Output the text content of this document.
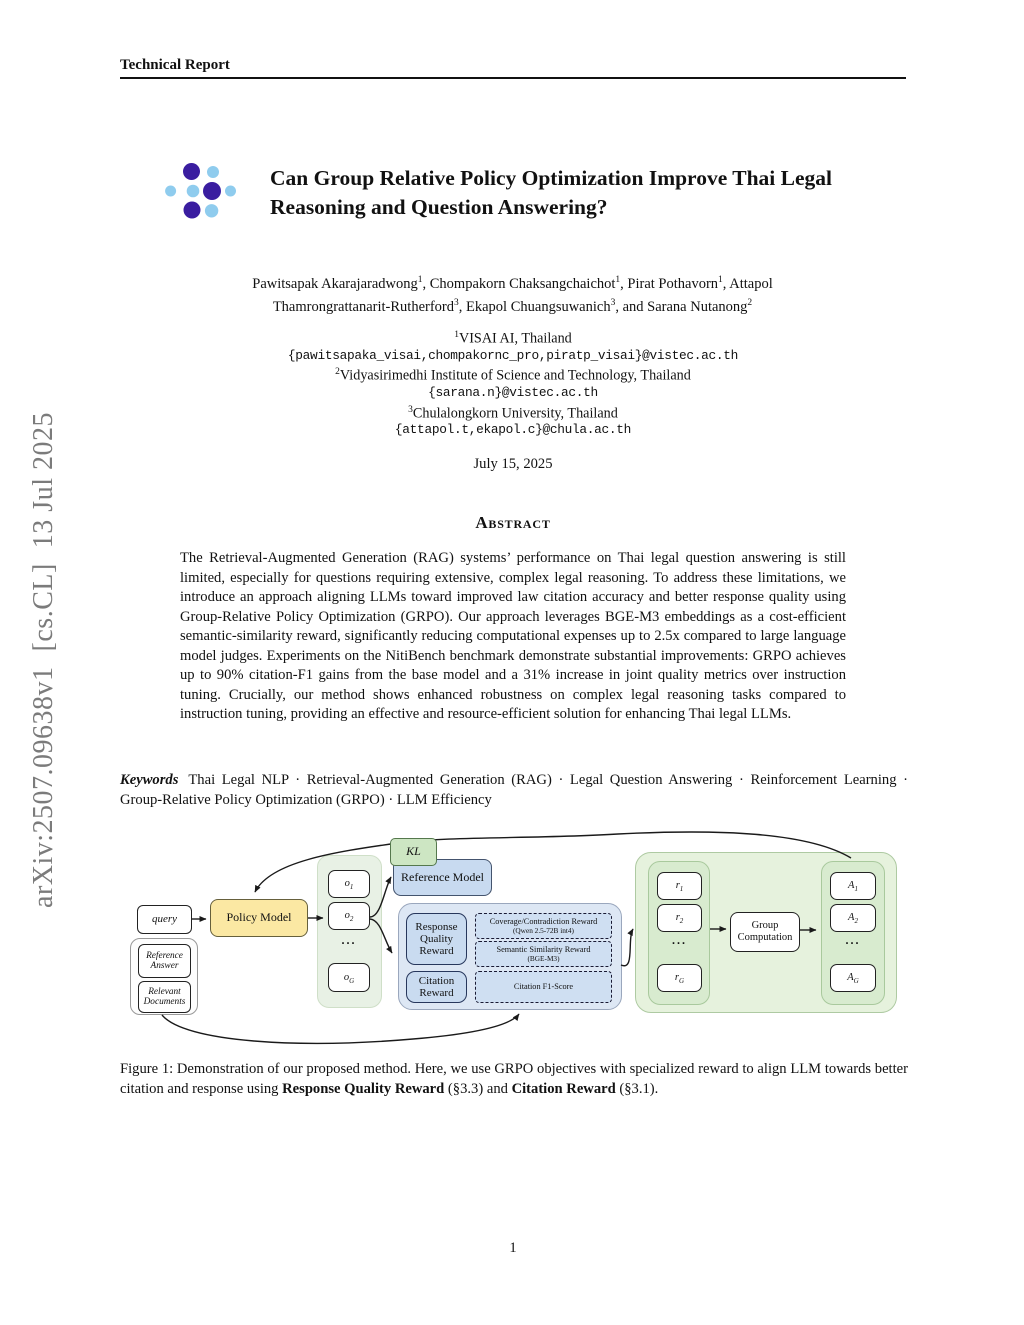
arXiv:2507.09638v1  [cs.CL]  13 Jul 2025
Technical Report
Can Group Relative Policy Optimization Improve Thai Legal Reasoning and Question Answering?
Pawitsapak Akarajaradwong$^1$, Chompakorn Chaksangchaichot$^1$, Pirat Pothavorn$^1$, Attapol Thamrongrattanarit-Rutherford$^3$, Ekapol Chuangsuwanich$^3$, and Sarana Nutanong$^2$
$^1$VISAI AI, Thailand
{pawitsapaka_visai,chompakornc_pro,piratp_visai}@vistec.ac.th
$^2$Vidyasirimedhi Institute of Science and Technology, Thailand
{sarana.n}@vistec.ac.th
$^3$Chulalongkorn University, Thailand
{attapol.t,ekapol.c}@chula.ac.th
July 15, 2025
Abstract

The Retrieval-Augmented Generation (RAG) systems’ performance on Thai legal question answering is still limited, especially for questions requiring extensive, complex legal reasoning. To address these limitations, we introduce an approach aligning LLMs toward improved law citation accuracy and better response quality using Group-Relative Policy Optimization (GRPO). Our approach leverages BGE-M3 embeddings as a cost-efficient semantic-similarity reward, significantly reducing computational expenses up to 2.5x compared to large language model judges. Experiments on the NitiBench benchmark demonstrate substantial improvements: GRPO achieves up to 90% citation-F1 gains from the base model and a 31% increase in joint quality metrics over instruction tuning. Crucially, our method shows enhanced robustness on complex legal reasoning tasks compared to instruction tuning, providing an effective and resource-efficient solution for enhancing Thai legal LLMs.

Keywords Thai Legal NLP · Retrieval-Augmented Generation (RAG) · Legal Question Answering · Reinforcement Learning · Group-Relative Policy Optimization (GRPO) · LLM Efficiency

query
Reference Answer
Relevant Documents
Policy Model
$o_1$
$o_2$
...
$o_G$
Reference Model
KL
Response Quality Reward
Citation Reward
Coverage/Contradiction Reward
(Qwen 2.5-72B int4)
Semantic Similarity Reward
(BGE-M3)
Citation F1-Score
$r_1$
$r_2$
...
$r_G$
Group Computation
$A_1$
$A_2$
...
$A_G$

Figure 1: Demonstration of our proposed method. Here, we use GRPO objectives with specialized reward to align LLM towards better citation and response using Response Quality Reward (§3.3) and Citation Reward (§3.1).

1
